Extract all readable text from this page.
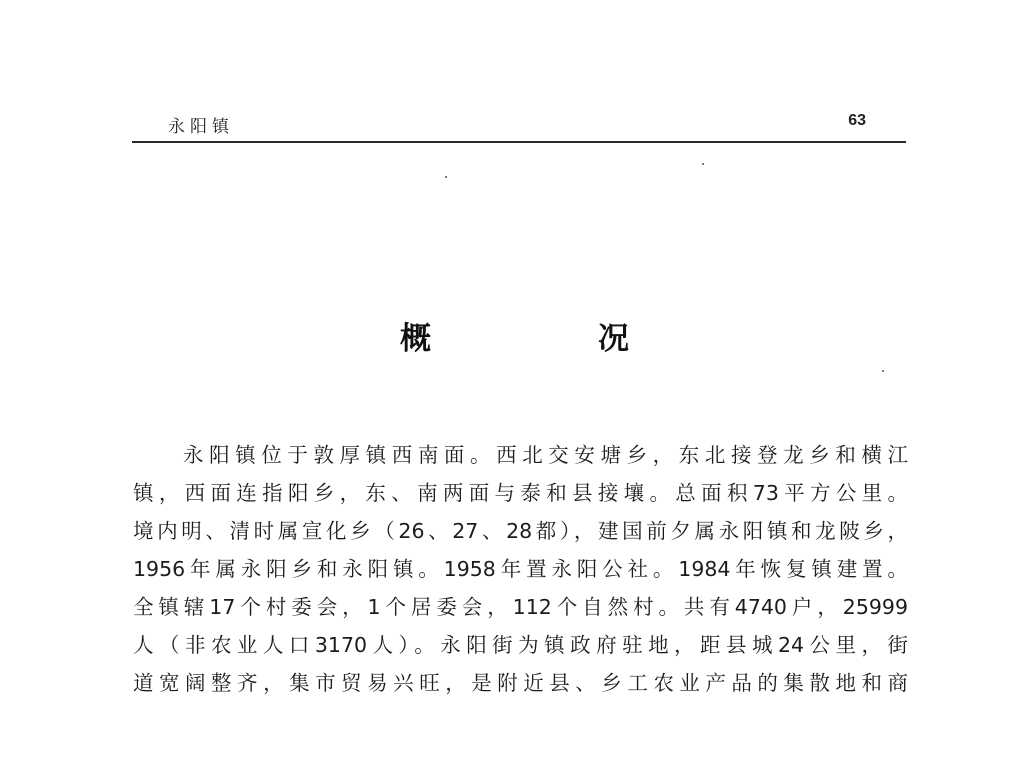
永阳镇	63
概	况
永阳镇位于敦厚镇西南面。西北交安塘乡，东北接登龙乡和横江
镇，西面连指阳乡，东、南两面与泰和县接壤。总面积73平方公里。
境内明、清时属宣化乡（26、27、28都），建国前夕属永阳镇和龙陂乡，
1956年属永阳乡和永阳镇。1958年置永阳公社。1984年恢复镇建置。
全镇辖17个村委会，1个居委会，112个自然村。共有4740户，25999
人（非农业人口3170人）。永阳街为镇政府驻地，距县城24公里，街
道宽阔整齐，集市贸易兴旺，是附近县、乡工农业产品的集散地和商
